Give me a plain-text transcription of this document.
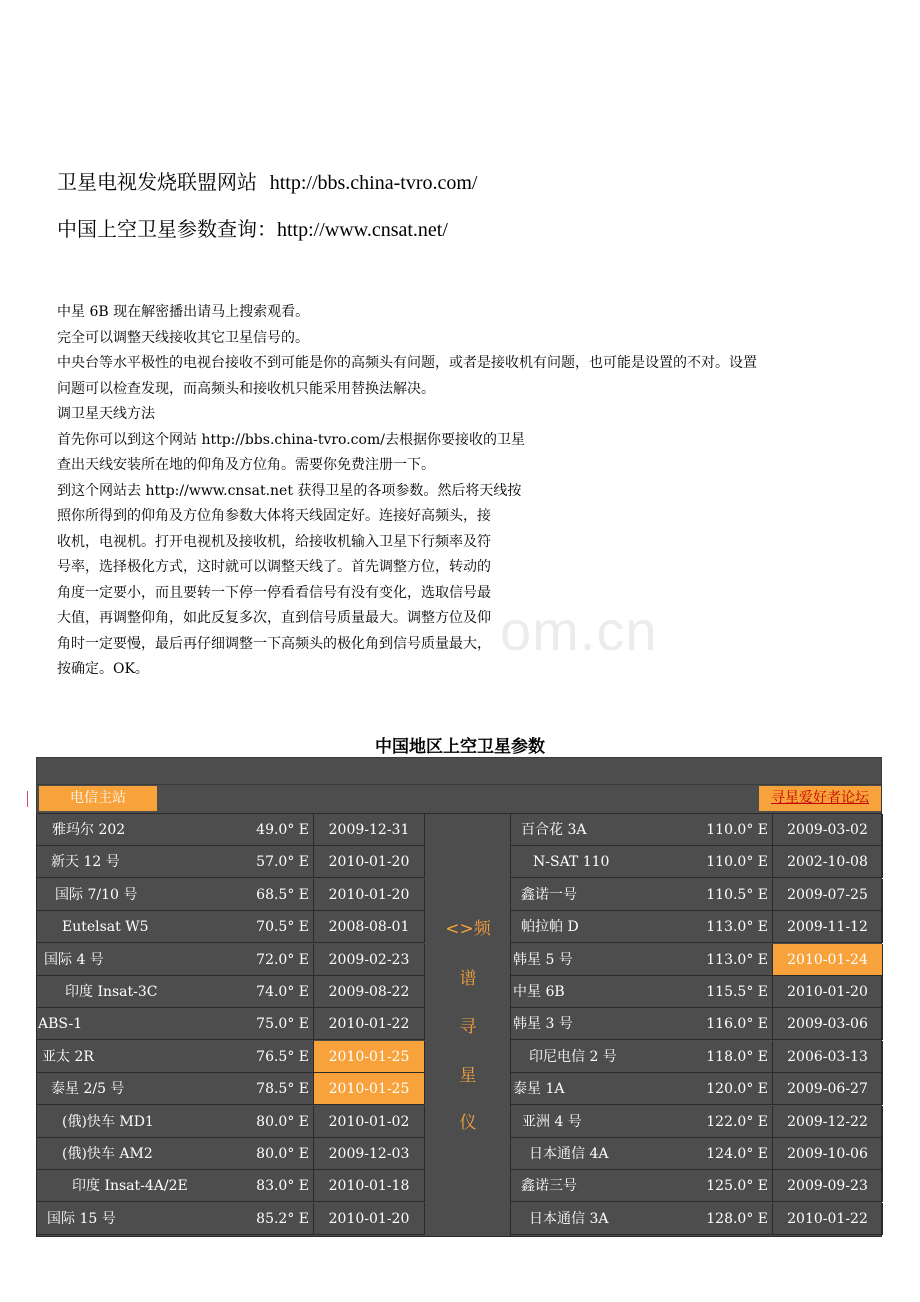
卫星电视发烧联盟网站 http://bbs.china-tvro.com/
中国上空卫星参数查询：http://www.cnsat.net/
中星 6B 现在解密播出请马上搜索观看。
完全可以调整天线接收其它卫星信号的。
中央台等水平极性的电视台接收不到可能是你的高频头有问题，或者是接收机有问题，也可能是设置的不对。设置
问题可以检查发现，而高频头和接收机只能采用替换法解决。
调卫星天线方法
首先你可以到这个网站 http://bbs.china-tvro.com/去根据你要接收的卫星
查出天线安装所在地的仰角及方位角。需要你免费注册一下。
到这个网站去 http://www.cnsat.net 获得卫星的各项参数。然后将天线按
照你所得到的仰角及方位角参数大体将天线固定好。连接好高频头，接
收机，电视机。打开电视机及接收机，给接收机输入卫星下行频率及符
号率，选择极化方式，这时就可以调整天线了。首先调整方位，转动的
角度一定要小，而且要转一下停一停看看信号有没有变化，选取信号最
大值，再调整仰角，如此反复多次，直到信号质量最大。调整方位及仰
角时一定要慢，最后再仔细调整一下高频头的极化角到信号质量最大，
按确定。OK。
om.cn
中国地区上空卫星参数
电信主站	寻星爱好者论坛
<>频
谱
寻
星
仪
雅玛尔 202	49.0° E	2009-12-31
新天 12 号	57.0° E	2010-01-20
国际 7/10 号	68.5° E	2010-01-20
Eutelsat W5	70.5° E	2008-08-01
国际 4 号	72.0° E	2009-02-23
印度 Insat-3C	74.0° E	2009-08-22
ABS-1	75.0° E	2010-01-22
亚太 2R	76.5° E	2010-01-25
泰星 2/5 号	78.5° E	2010-01-25
(俄)快车 MD1	80.0° E	2010-01-02
(俄)快车 AM2	80.0° E	2009-12-03
印度 Insat-4A/2E	83.0° E	2010-01-18
国际 15 号	85.2° E	2010-01-20
百合花 3A	110.0° E	2009-03-02
N-SAT 110	110.0° E	2002-10-08
鑫诺一号	110.5° E	2009-07-25
帕拉帕 D	113.0° E	2009-11-12
韩星 5 号	113.0° E	2010-01-24
中星 6B	115.5° E	2010-01-20
韩星 3 号	116.0° E	2009-03-06
印尼电信 2 号	118.0° E	2006-03-13
泰星 1A	120.0° E	2009-06-27
亚洲 4 号	122.0° E	2009-12-22
日本通信 4A	124.0° E	2009-10-06
鑫诺三号	125.0° E	2009-09-23
日本通信 3A	128.0° E	2010-01-22
